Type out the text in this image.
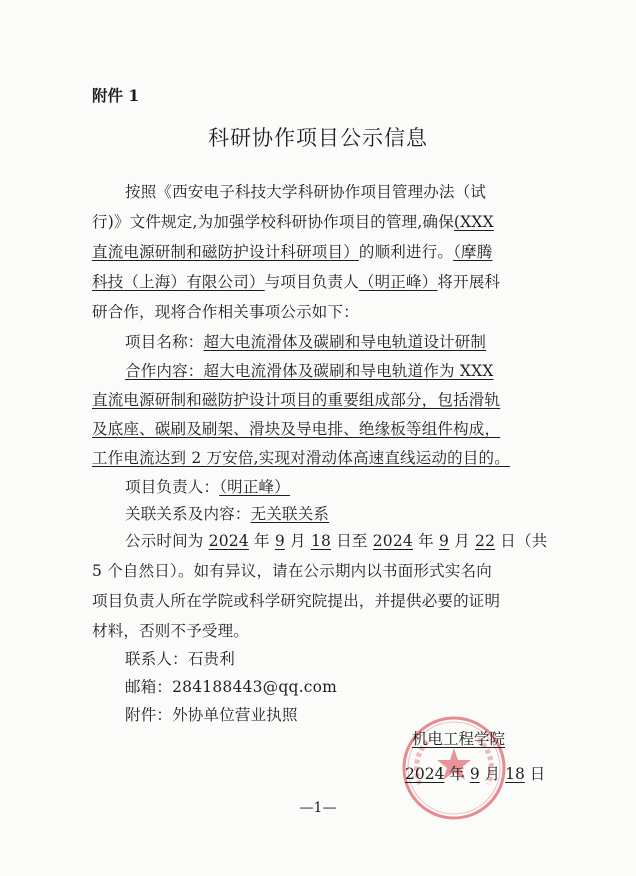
附件 1
科研协作项目公示信息
按照《西安电子科技大学科研协作项目管理办法（试
行)》文件规定,为加强学校科研协作项目的管理,确保(XXX
直流电源研制和磁防护设计科研项目）的顺利进行。（摩腾
科技（上海）有限公司）与项目负责人（明正峰）将开展科
研合作，现将合作相关事项公示如下：
项目名称：超大电流滑体及碳刷和导电轨道设计研制
合作内容：超大电流滑体及碳刷和导电轨道作为 XXX
直流电源研制和磁防护设计项目的重要组成部分，包括滑轨
及底座、碳刷及刷架、滑块及导电排、绝缘板等组件构成，
工作电流达到 2 万安倍,实现对滑动体高速直线运动的目的。
项目负责人：（明正峰）
关联关系及内容：无关联关系
公示时间为 2024 年 9 月 18 日至 2024 年 9 月 22 日（共
5 个自然日）。如有异议，请在公示期内以书面形式实名向
项目负责人所在学院或科学研究院提出，并提供必要的证明
材料，否则不予受理。
联系人：石贵利
邮箱：284188443@qq.com
附件：外协单位营业执照
机电工程学院
2024 年 9 月 18 日
—1—
